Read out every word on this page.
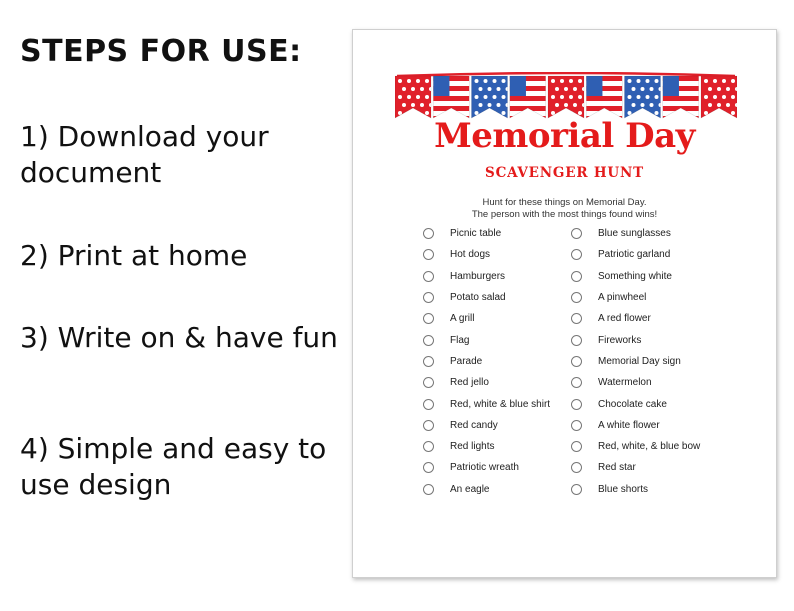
STEPS FOR USE:
1) Download your document
2) Print at home
3) Write on & have fun
4) Simple and easy to use design
Memorial Day
SCAVENGER HUNT
Hunt for these things on Memorial Day.
The person with the most things found wins!
Picnic table
Hot dogs
Hamburgers
Potato salad
A grill
Flag
Parade
Red jello
Red, white & blue shirt
Red candy
Red lights
Patriotic wreath
An eagle
Blue sunglasses
Patriotic garland
Something white
A pinwheel
A red flower
Fireworks
Memorial Day sign
Watermelon
Chocolate cake
A white flower
Red, white, & blue bow
Red star
Blue shorts
